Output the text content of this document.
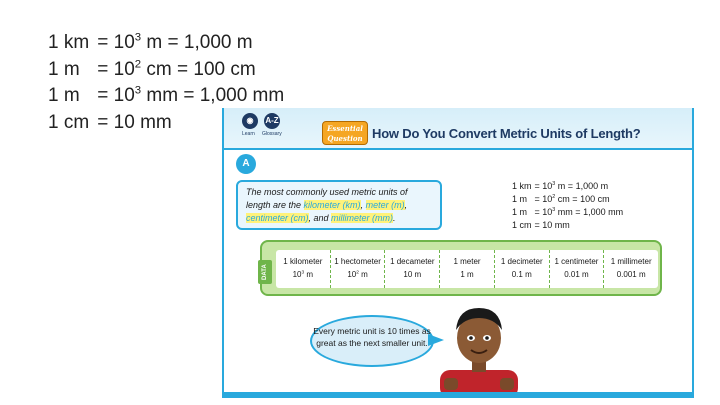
1 km = $10^3$ m = 1,000 m
1 $m = 10^2$ cm = 100 cm
1 $m = 10^3$ mm = 1,000 mm
1 cm = 10 mm	◉
Learn
A-Z
Glossary
Essential Question How Do You Convert Metric Units of Length?
A
The most commonly used metric units of length are the kilometer (km), meter (m), centimeter (cm), and millimeter (mm).
1 km = $10^3$ m = 1,000 m
1 $m = 10^2$ cm = 100 cm
1 $m = 10^3$ mm = 1,000 mm
1 cm = 10 mm
DATA
1 kilometer
$10^3$ m
1 hectometer
$10^2$ m
1 decameter
10 m
1 meter
1 m
1 decimeter
0.1 m
1 centimeter
0.01 m
1 millimeter
0.001 m
Every metric unit is 10 times as great as the next smaller unit.
